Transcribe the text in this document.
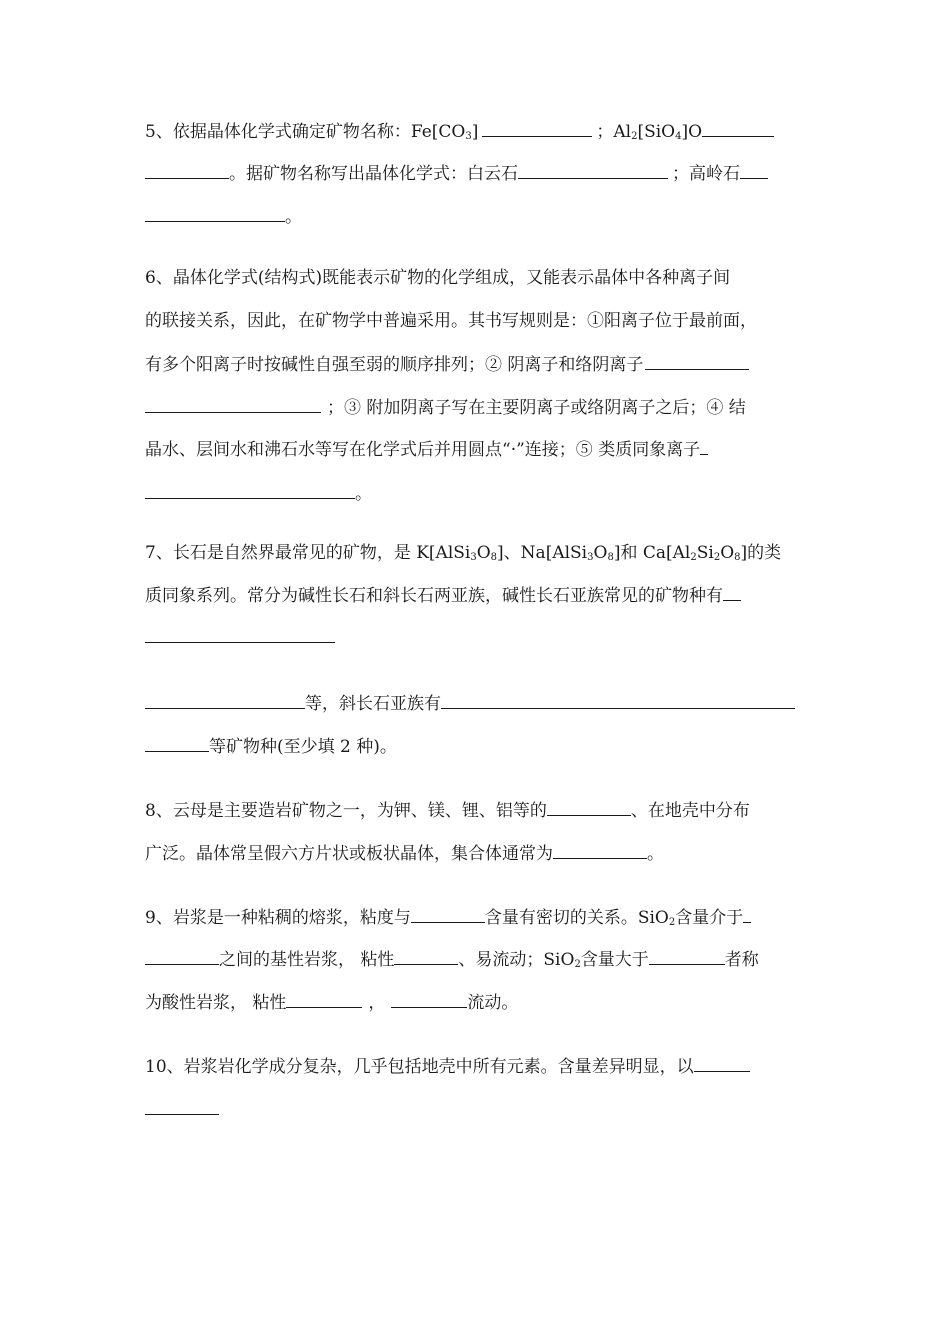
5、依据晶体化学式确定矿物名称：$Fe[CO_3]$	；$Al_2[SiO_4]O$
。据矿物名称写出晶体化学式：白云石	；高岭石
。
6、晶体化学式(结构式)既能表示矿物的化学组成，又能表示晶体中各种离子间
的联接关系，因此，在矿物学中普遍采用。其书写规则是：①阳离子位于最前面，
有多个阳离子时按碱性自强至弱的顺序排列；② 阴离子和络阴离子
；③ 附加阴离子写在主要阴离子或络阴离子之后；④ 结
晶水、层间水和沸石水等写在化学式后并用圆点“·”连接；⑤ 类质同象离子
。
7、长石是自然界最常见的矿物，是 $K[AlSi_3O_8]$、$Na[AlSi_3O_8]$和 $Ca[Al_2Si_2O_8]$的类
质同象系列。常分为碱性长石和斜长石两亚族，碱性长石亚族常见的矿物种有
等，斜长石亚族有
等矿物种(至少填 2 种)。
8、云母是主要造岩矿物之一，为钾、镁、锂、铝等的	、在地壳中分布
广泛。晶体常呈假六方片状或板状晶体，集合体通常为	。
9、岩浆是一种粘稠的熔浆，粘度与	含量有密切的关系。SiO$_2$含量介于
之间的基性岩浆， 粘性	、易流动；SiO$_2$含量大于	者称
为酸性岩浆， 粘性	，	流动。
10、岩浆岩化学成分复杂，几乎包括地壳中所有元素。含量差异明显，以
